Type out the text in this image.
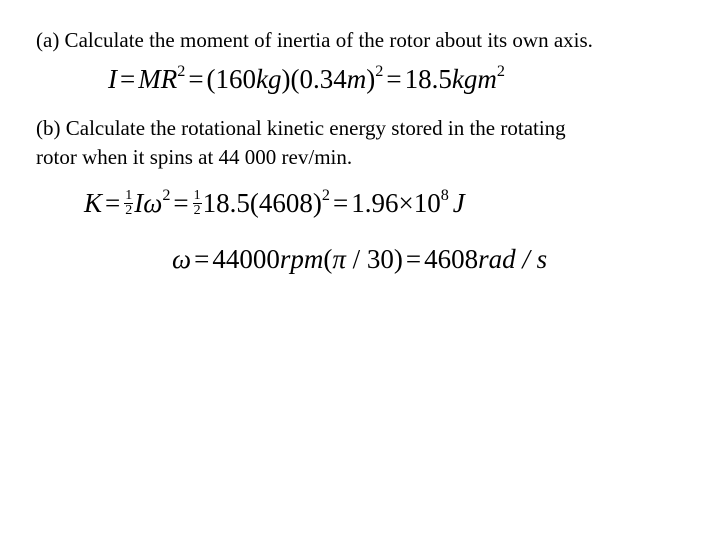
(a) Calculate the moment of inertia of the rotor about its own axis.
$I = MR^2 = (160kg)(0.34m)^2 = 18.5kgm^2$
(b) Calculate the rotational kinetic energy stored in the rotating
rotor when it spins at 44 000 rev/min.
$K = \frac{1}{2} I\omega^2 = \frac{1}{2} 18.5(4608)^2 = 1.96\times 10^8$ J
ω = 44000rpm(π / 30) = 4608rad / s
